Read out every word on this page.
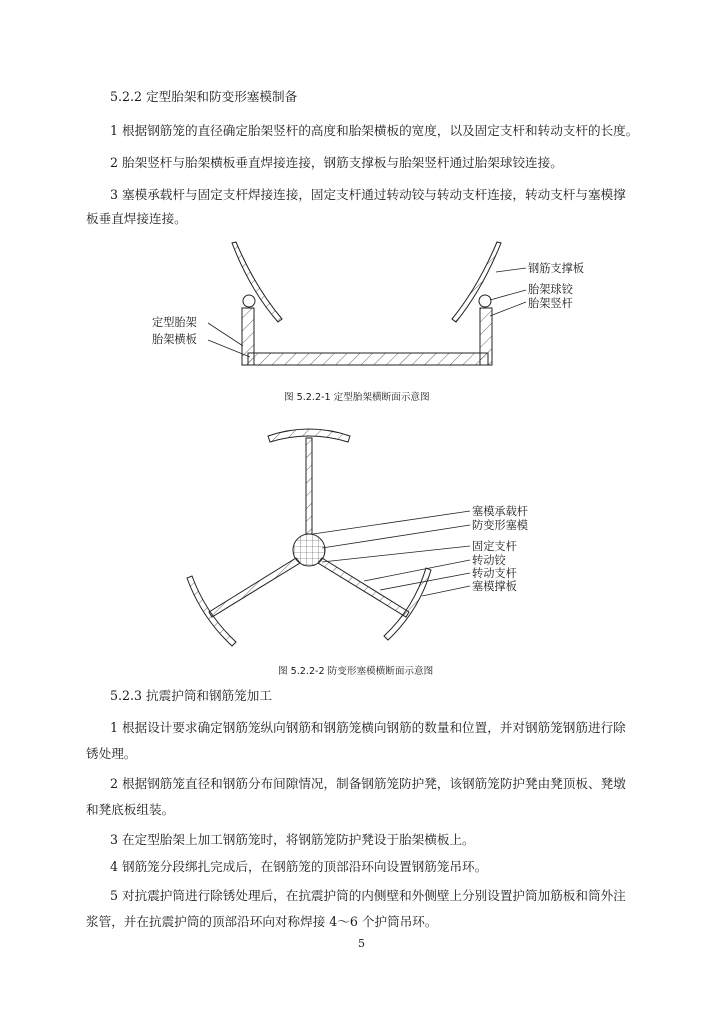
5.2.2 定型胎架和防变形塞模制备
1 根据钢筋笼的直径确定胎架竖杆的高度和胎架横板的宽度，以及固定支杆和转动支杆的长度。
2 胎架竖杆与胎架横板垂直焊接连接，钢筋支撑板与胎架竖杆通过胎架球铰连接。
3 塞模承载杆与固定支杆焊接连接，固定支杆通过转动铰与转动支杆连接，转动支杆与塞模撑
板垂直焊接连接。
钢筋支撑板
胎架球铰
胎架竖杆
定型胎架
胎架横板
图 5.2.2-1 定型胎架横断面示意图
塞模承载杆
防变形塞模
固定支杆
转动铰
转动支杆
塞模撑板
图 5.2.2-2 防变形塞模横断面示意图
5.2.3 抗震护筒和钢筋笼加工
1 根据设计要求确定钢筋笼纵向钢筋和钢筋笼横向钢筋的数量和位置，并对钢筋笼钢筋进行除
锈处理。
2 根据钢筋笼直径和钢筋分布间隙情况，制备钢筋笼防护凳，该钢筋笼防护凳由凳顶板、凳墩
和凳底板组装。
3 在定型胎架上加工钢筋笼时，将钢筋笼防护凳设于胎架横板上。
4 钢筋笼分段绑扎完成后，在钢筋笼的顶部沿环向设置钢筋笼吊环。
5 对抗震护筒进行除锈处理后，在抗震护筒的内侧壁和外侧壁上分别设置护筒加筋板和筒外注
浆管，并在抗震护筒的顶部沿环向对称焊接 4～6 个护筒吊环。
5
